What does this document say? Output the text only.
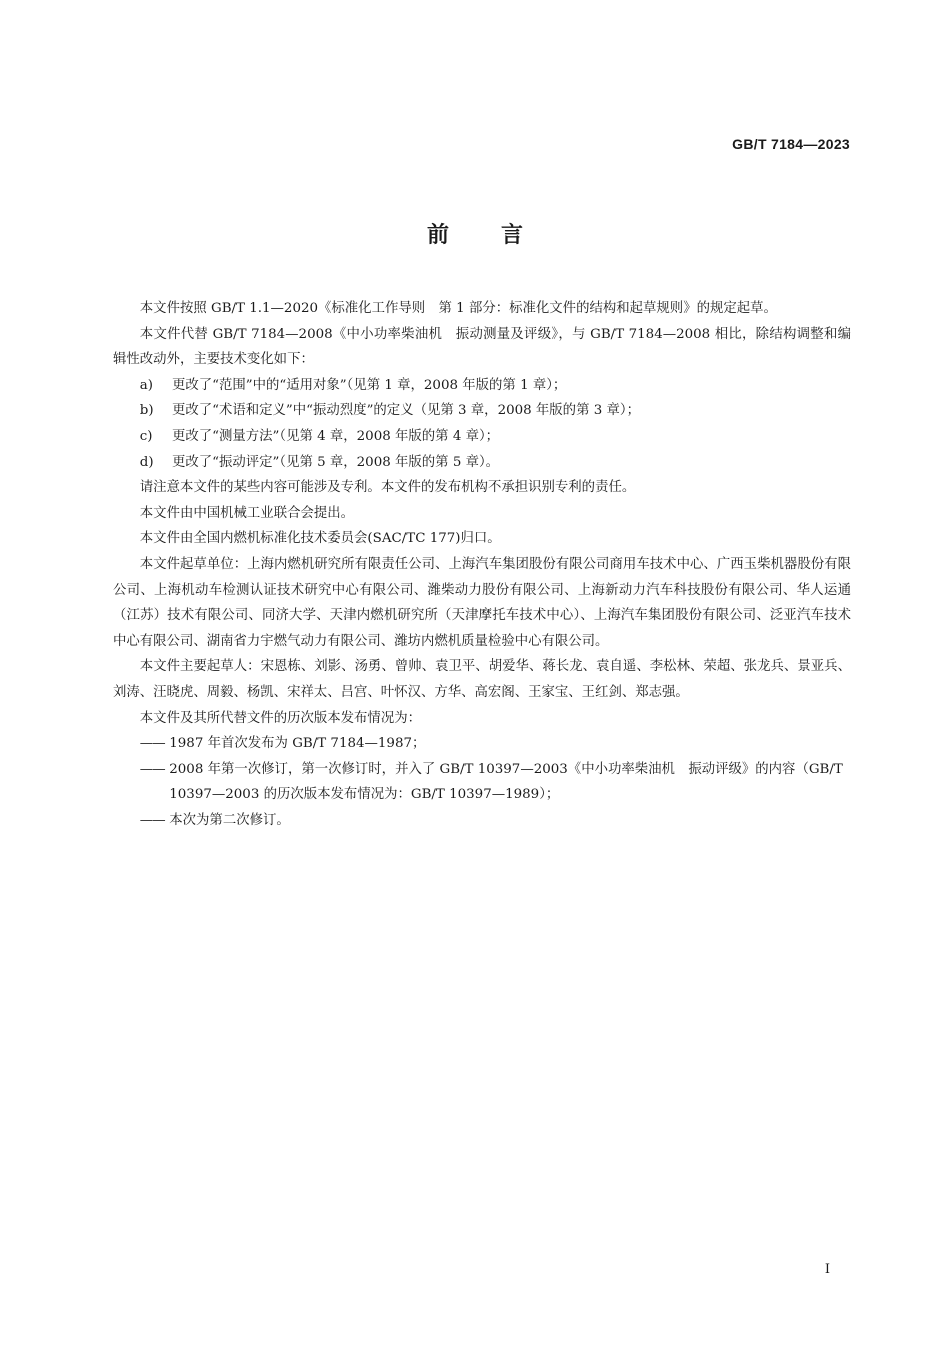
GB/T 7184—2023
前言

本文件按照 GB/T 1.1—2020《标准化工作导则　第 1 部分：标准化文件的结构和起草规则》的规定起草。

本文件代替 GB/T 7184—2008《中小功率柴油机　振动测量及评级》，与 GB/T 7184—2008 相比，除结构调整和编辑性改动外，主要技术变化如下：

a)	更改了“范围”中的“适用对象”（见第 1 章，2008 年版的第 1 章）；
b)	更改了“术语和定义”中“振动烈度”的定义（见第 3 章，2008 年版的第 3 章）；
c)	更改了“测量方法”（见第 4 章，2008 年版的第 4 章）；
d)	更改了“振动评定”（见第 5 章，2008 年版的第 5 章）。

请注意本文件的某些内容可能涉及专利。本文件的发布机构不承担识别专利的责任。

本文件由中国机械工业联合会提出。

本文件由全国内燃机标准化技术委员会(SAC/TC 177)归口。

本文件起草单位：上海内燃机研究所有限责任公司、上海汽车集团股份有限公司商用车技术中心、广西玉柴机器股份有限公司、上海机动车检测认证技术研究中心有限公司、潍柴动力股份有限公司、上海新动力汽车科技股份有限公司、华人运通（江苏）技术有限公司、同济大学、天津内燃机研究所（天津摩托车技术中心）、上海汽车集团股份有限公司、泛亚汽车技术中心有限公司、湖南省力宇燃气动力有限公司、潍坊内燃机质量检验中心有限公司。

本文件主要起草人：宋恩栋、刘影、汤勇、曾帅、袁卫平、胡爱华、蒋长龙、袁自遥、李松林、荣超、张龙兵、景亚兵、刘涛、汪晓虎、周毅、杨凯、宋祥太、吕宫、叶怀汉、方华、高宏阁、王家宝、王红剑、郑志强。

本文件及其所代替文件的历次版本发布情况为：

—— 1987 年首次发布为 GB/T 7184—1987；
—— 2008 年第一次修订，第一次修订时，并入了 GB/T 10397—2003《中小功率柴油机　振动评级》的内容（GB/T 10397—2003 的历次版本发布情况为：GB/T 10397—1989）；
—— 本次为第二次修订。
I
